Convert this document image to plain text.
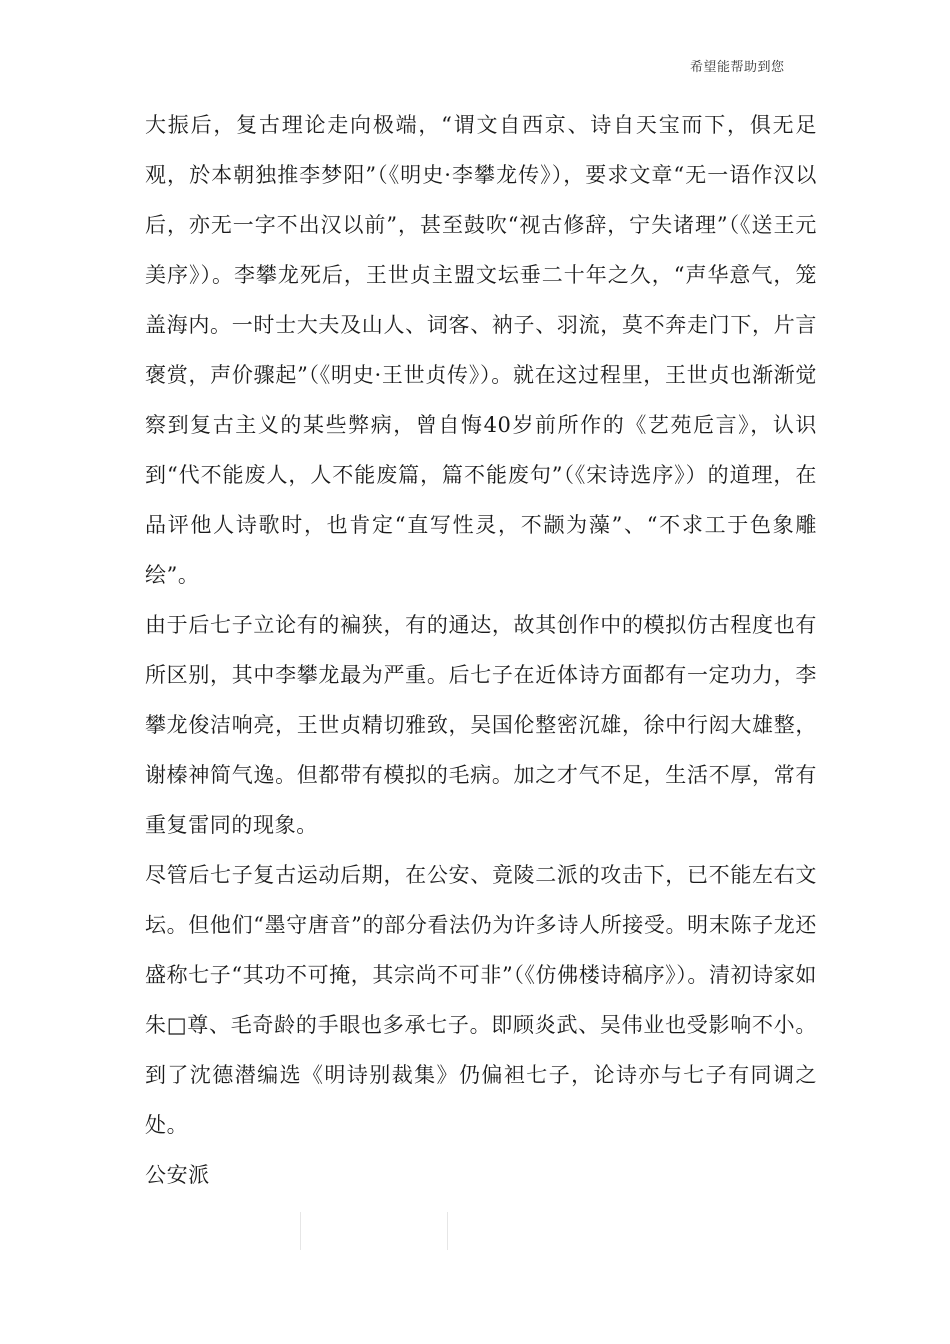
希望能帮助到您

大振后，复古理论走向极端，“谓文自西京、诗自天宝而下，俱无足观，於本朝独推李梦阳”（《明史·李攀龙传》），要求文章“无一语作汉以后，亦无一字不出汉以前”，甚至鼓吹“视古修辞，宁失诸理”（《送王元美序》）。李攀龙死后，王世贞主盟文坛垂二十年之久，“声华意气，笼盖海内。一时士大夫及山人、词客、衲子、羽流，莫不奔走门下，片言褒赏，声价骤起”（《明史·王世贞传》）。就在这过程里，王世贞也渐渐觉察到复古主义的某些弊病，曾自悔40岁前所作的《艺苑卮言》，认识到“代不能废人，人不能废篇，篇不能废句”（《宋诗选序》）的道理，在品评他人诗歌时，也肯定“直写性灵，不颛为藻”、“不求工于色象雕绘”。

由于后七子立论有的褊狭，有的通达，故其创作中的模拟仿古程度也有所区别，其中李攀龙最为严重。后七子在近体诗方面都有一定功力，李攀龙俊洁响亮，王世贞精切雅致，吴国伦整密沉雄，徐中行闳大雄整，谢榛神简气逸。但都带有模拟的毛病。加之才气不足，生活不厚，常有重复雷同的现象。

尽管后七子复古运动后期，在公安、竟陵二派的攻击下，已不能左右文坛。但他们“墨守唐音”的部分看法仍为许多诗人所接受。明末陈子龙还盛称七子“其功不可掩，其宗尚不可非”（《仿佛楼诗稿序》）。清初诗家如朱□尊、毛奇龄的手眼也多承七子。即顾炎武、吴伟业也受影响不小。到了沈德潜编选《明诗别裁集》仍偏袒七子，论诗亦与七子有同调之处。

公安派
